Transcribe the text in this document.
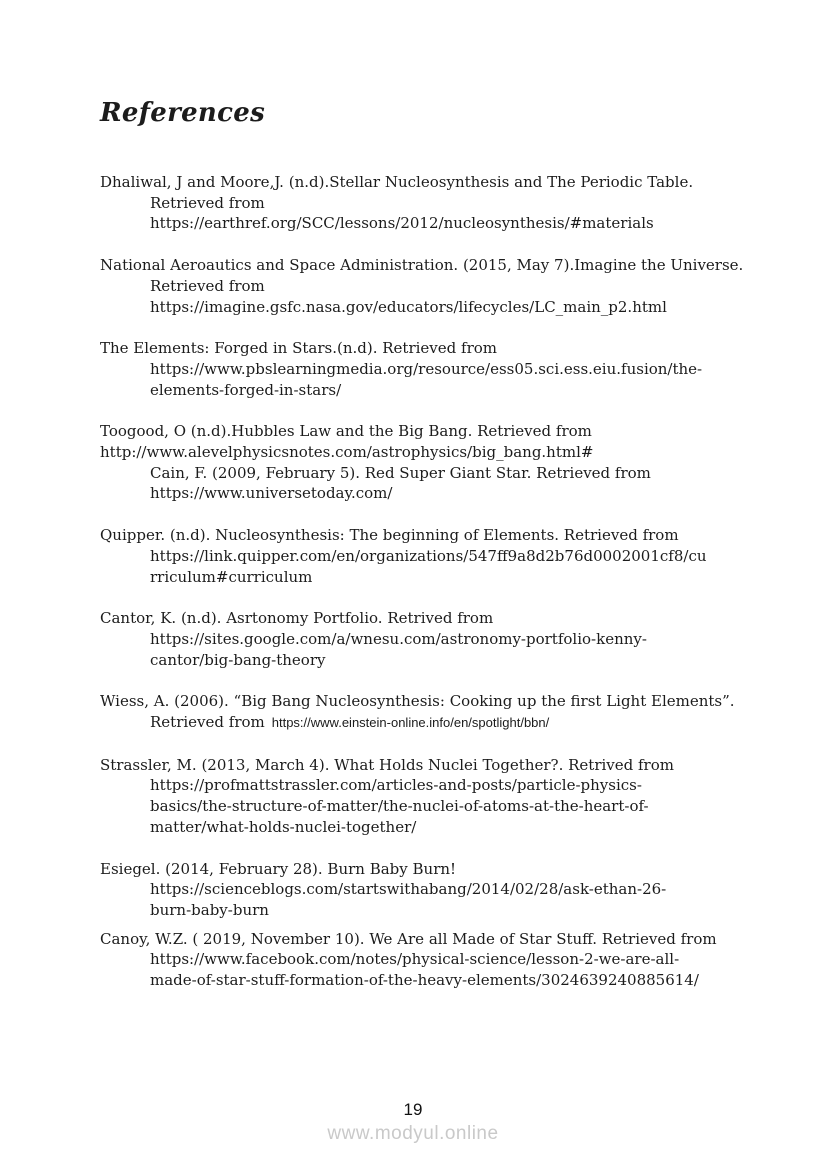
References

Dhaliwal, J and Moore,J. (n.d).Stellar Nucleosynthesis and The Periodic Table.
Retrieved from
https://earthref.org/SCC/lessons/2012/nucleosynthesis/#materials

National Aeroautics and Space Administration. (2015, May 7).Imagine the Universe.
Retrieved from
https://imagine.gsfc.nasa.gov/educators/lifecycles/LC_main_p2.html

The Elements: Forged in Stars.(n.d). Retrieved from
https://www.pbslearningmedia.org/resource/ess05.sci.ess.eiu.fusion/the-
elements-forged-in-stars/

Toogood, O (n.d).Hubbles Law and the Big Bang. Retrieved from
http://www.alevelphysicsnotes.com/astrophysics/big_bang.html#
Cain, F. (2009, February 5). Red Super Giant Star. Retrieved from
https://www.universetoday.com/

Quipper. (n.d). Nucleosynthesis: The beginning of Elements. Retrieved from
https://link.quipper.com/en/organizations/547ff9a8d2b76d0002001cf8/cu
rriculum#curriculum

Cantor, K. (n.d). Asrtonomy Portfolio. Retrived from
https://sites.google.com/a/wnesu.com/astronomy-portfolio-kenny-
cantor/big-bang-theory

Wiess, A. (2006). “Big Bang Nucleosynthesis: Cooking up the first Light Elements”.
Retrieved from https://www.einstein-online.info/en/spotlight/bbn/

Strassler, M. (2013, March 4). What Holds Nuclei Together?. Retrived from
https://profmattstrassler.com/articles-and-posts/particle-physics-
basics/the-structure-of-matter/the-nuclei-of-atoms-at-the-heart-of-
matter/what-holds-nuclei-together/

Esiegel. (2014, February 28). Burn Baby Burn!
https://scienceblogs.com/startswithabang/2014/02/28/ask-ethan-26-
burn-baby-burn

Canoy, W.Z. ( 2019, November 10). We Are all Made of Star Stuff. Retrieved from
https://www.facebook.com/notes/physical-science/lesson-2-we-are-all-
made-of-star-stuff-formation-of-the-heavy-elements/3024639240885614/

19
www.modyul.online
